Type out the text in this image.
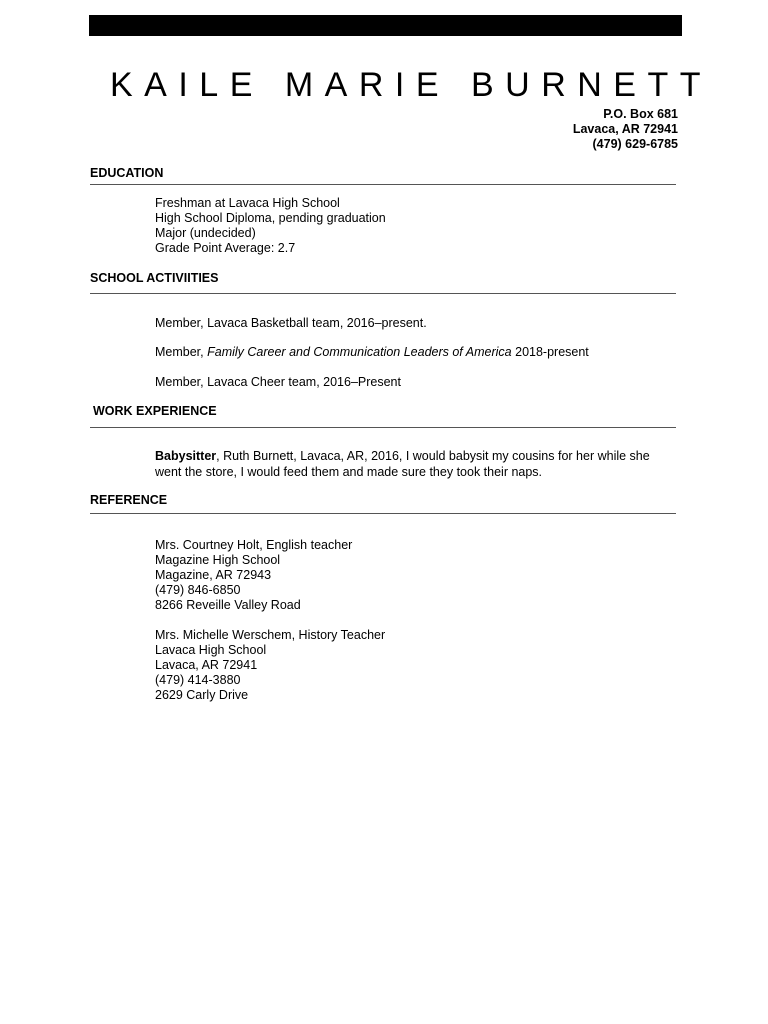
KAILE MARIE BURNETT
P.O. Box 681
Lavaca, AR 72941
(479) 629-6785
EDUCATION
Freshman at Lavaca High School
High School Diploma, pending graduation
Major (undecided)
Grade Point Average: 2.7
SCHOOL ACTIVIITIES
Member, Lavaca Basketball team, 2016–present.
Member, Family Career and Communication Leaders of America 2018-present
Member, Lavaca Cheer team, 2016–Present
WORK EXPERIENCE
Babysitter, Ruth Burnett, Lavaca, AR, 2016, I would babysit my cousins for her while she went the store, I would feed them and made sure they took their naps.
REFERENCE
Mrs. Courtney Holt, English teacher
Magazine High School
Magazine, AR 72943
(479) 846-6850
8266 Reveille Valley Road
Mrs. Michelle Werschem, History Teacher
Lavaca High School
Lavaca, AR 72941
(479) 414-3880
2629 Carly Drive
